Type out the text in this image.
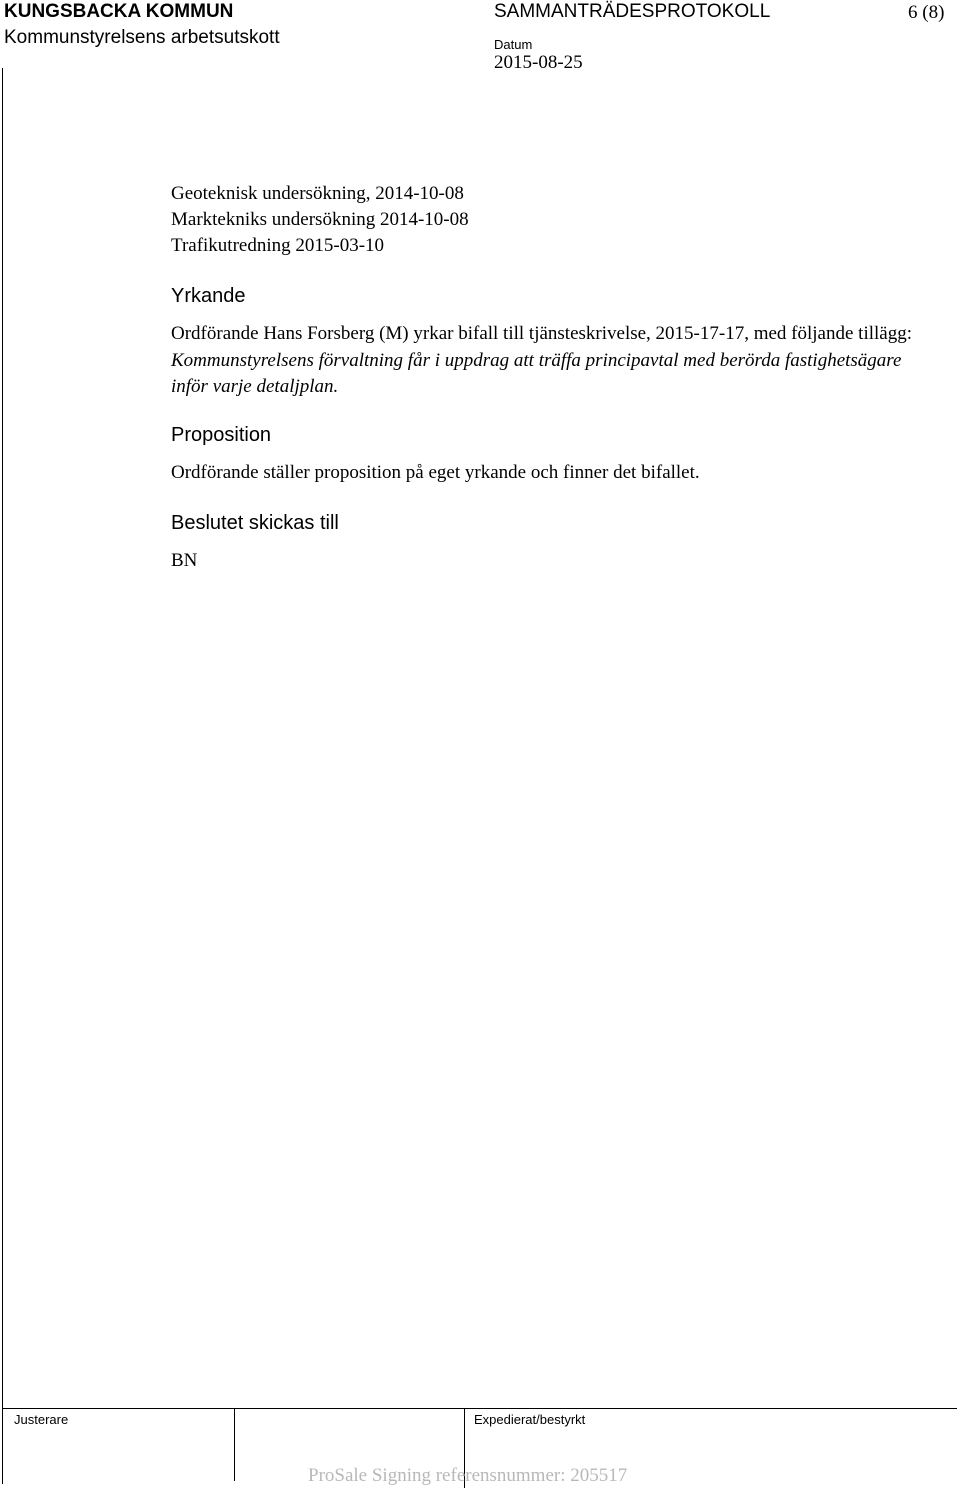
KUNGSBACKA KOMMUN
Kommunstyrelsens arbetsutskott
SAMMANTRÄDESPROTOKOLL	6 (8)
Datum
2015-08-25
Geoteknisk undersökning, 2014-10-08
Marktekniks undersökning 2014-10-08
Trafikutredning 2015-03-10
Yrkande
Ordförande Hans Forsberg (M) yrkar bifall till tjänsteskrivelse, 2015-17-17, med följande tillägg: Kommunstyrelsens förvaltning får i uppdrag att träffa principavtal med berörda fastighetsägare inför varje detaljplan.
Proposition
Ordförande ställer proposition på eget yrkande och finner det bifallet.
Beslutet skickas till
BN
Justerare	Expedierat/bestyrkt
ProSale Signing referensnummer: 205517
